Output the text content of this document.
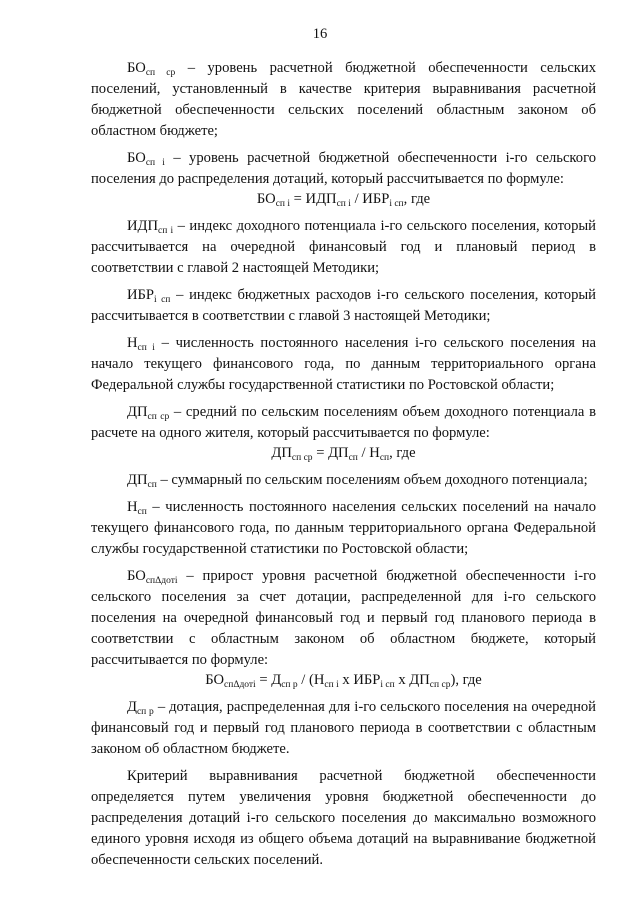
16

$БО_{сп ср}$ – уровень расчетной бюджетной обеспеченности сельских поселений, установленный в качестве критерия выравнивания расчетной бюджетной обеспеченности сельских поселений областным законом об областном бюджете;

$БО_{сп i}$ – уровень расчетной бюджетной обеспеченности i-го сельского поселения до распределения дотаций, который рассчитывается по формуле:

$БО_{сп i} = ИДП_{сп i} / ИБР_{i сп}$, где

$ИДП_{сп i}$ – индекс доходного потенциала i-го сельского поселения, который рассчитывается на очередной финансовый год и плановый период в соответствии с главой 2 настоящей Методики;

$ИБР_{i сп}$ – индекс бюджетных расходов i-го сельского поселения, который рассчитывается в соответствии с главой 3 настоящей Методики;

$Н_{сп i}$ – численность постоянного населения i-го сельского поселения на начало текущего финансового года, по данным территориального органа Федеральной службы государственной статистики по Ростовской области;

$ДП_{сп ср}$ – средний по сельским поселениям объем доходного потенциала в расчете на одного жителя, который рассчитывается по формуле:

$ДП_{сп ср} = ДП_{сп} / Н_{сп}$, где

$ДП_{сп}$ – суммарный по сельским поселениям объем доходного потенциала;

$Н_{сп}$ – численность постоянного населения сельских поселений на начало текущего финансового года, по данным территориального органа Федеральной службы государственной статистики по Ростовской области;

$БО_{сп\Delta дотi}$ – прирост уровня расчетной бюджетной обеспеченности i-го сельского поселения за счет дотации, распределенной для i-го сельского поселения на очередной финансовый год и первый год планового периода в соответствии с областным законом об областном бюджете, который рассчитывается по формуле:

$БО_{сп\Delta дотi} = Д_{сп р} / (Н_{сп i}$ x $ИБР_{i сп}$ x $ДП_{сп ср}$), где

$Д_{сп р}$ – дотация, распределенная для i-го сельского поселения на очередной финансовый год и первый год планового периода в соответствии с областным законом об областном бюджете.

Критерий выравнивания расчетной бюджетной обеспеченности определяется путем увеличения уровня бюджетной обеспеченности до распределения дотаций i-го сельского поселения до максимально возможного единого уровня исходя из общего объема дотаций на выравнивание бюджетной обеспеченности сельских поселений.
